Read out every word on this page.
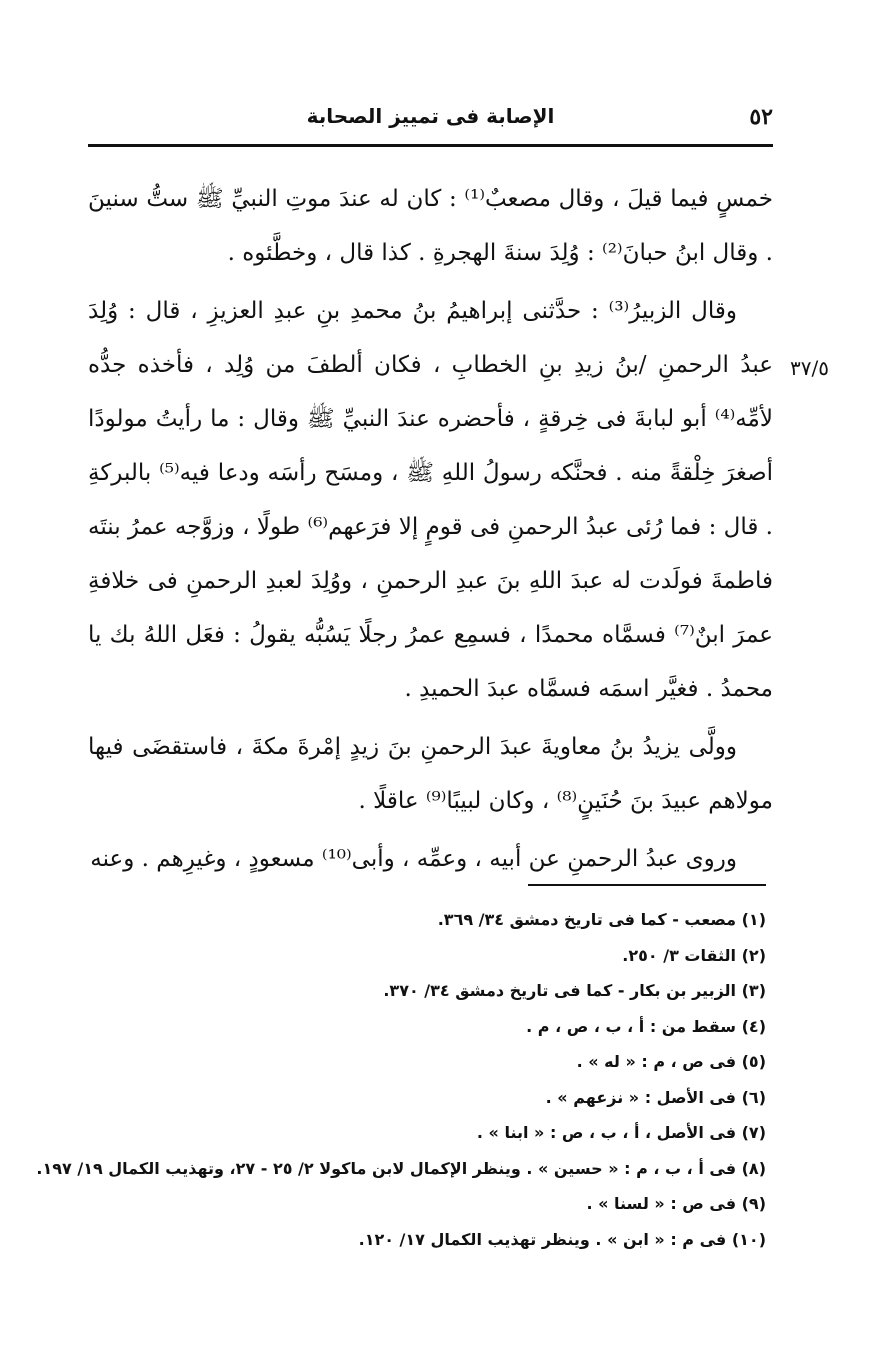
٥٢
الإصابة فى تمييز الصحابة
٣٧/٥

خمسٍ فيما قيلَ ، وقال مصعبٌ⁽¹⁾ : كان له عندَ موتِ النبيِّ ﷺ ستُّ سنينَ . وقال ابنُ حبانَ⁽²⁾ : وُلِدَ سنةَ الهجرةِ . كذا قال ، وخطَّئوه .

وقال الزبيرُ⁽³⁾ : حدَّثنى إبراهيمُ بنُ محمدِ بنِ عبدِ العزيزِ ، قال : وُلِدَ عبدُ الرحمنِ /بنُ زيدِ بنِ الخطابِ ، فكان ألطفَ من وُلِد ، فأخذه جدُّه لأمِّه⁽⁴⁾ أبو لبابةَ فى خِرقةٍ ، فأحضره عندَ النبيِّ ﷺ وقال : ما رأيتُ مولودًا أصغرَ خِلْقةً منه . فحنَّكه رسولُ اللهِ ﷺ ، ومسَح رأسَه ودعا فيه⁽⁵⁾ بالبركةِ . قال : فما رُئى عبدُ الرحمنِ فى قومٍ إلا فرَعهم⁽⁶⁾ طولًا ، وزوَّجه عمرُ بنتَه فاطمةَ فولَدت له عبدَ اللهِ بنَ عبدِ الرحمنِ ، ووُلِدَ لعبدِ الرحمنِ فى خلافةِ عمرَ ابنٌ⁽⁷⁾ فسمَّاه محمدًا ، فسمِع عمرُ رجلًا يَسُبُّه يقولُ : فعَل اللهُ بك يا محمدُ . فغيَّر اسمَه فسمَّاه عبدَ الحميدِ .

وولَّى يزيدُ بنُ معاويةَ عبدَ الرحمنِ بنَ زيدٍ إمْرةَ مكةَ ، فاستقضَى فيها مولاهم عبيدَ بنَ حُنَينٍ⁽⁸⁾ ، وكان لبيبًا⁽⁹⁾ عاقلًا .

وروى عبدُ الرحمنِ عن أبيه ، وعمِّه ، وأبى⁽¹⁰⁾ مسعودٍ ، وغيرِهم . وعنه

(١) مصعب - كما فى تاريخ دمشق ٣٤/ ٣٦٩.
(٢) الثقات ٣/ ٢٥٠.
(٣) الزبير بن بكار - كما فى تاريخ دمشق ٣٤/ ٣٧٠.
(٤) سقط من : أ ، ب ، ص ، م .
(٥) فى ص ، م : « له » .
(٦) فى الأصل : « نزعهم » .
(٧) فى الأصل ، أ ، ب ، ص : « ابنا » .
(٨) فى أ ، ب ، م : « حسين » . وينظر الإكمال لابن ماكولا ٢/ ٢٥ - ٢٧، وتهذيب الكمال ١٩/ ١٩٧.
(٩) فى ص : « لسنا » .
(١٠) فى م : « ابن » . وينظر تهذيب الكمال ١٧/ ١٢٠.
